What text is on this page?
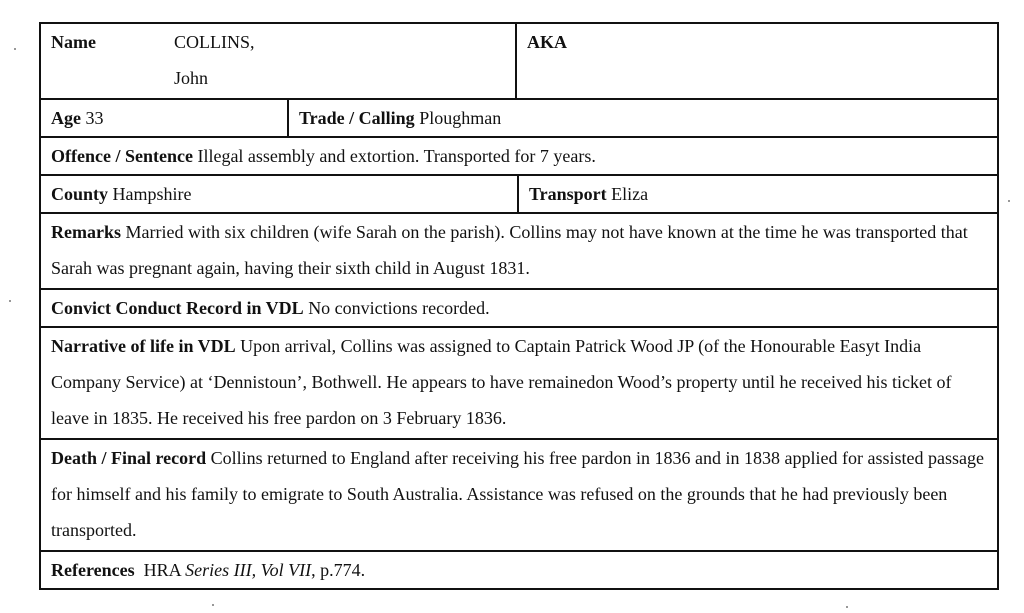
Name	COLLINS,
John
AKA
Age 33	Trade / Calling Ploughman
Offence / Sentence Illegal assembly and extortion. Transported for 7 years.
County Hampshire	Transport Eliza
Remarks Married with six children (wife Sarah on the parish). Collins may not have known at the time he was transported that Sarah was pregnant again, having their sixth child in August 1831.
Convict Conduct Record in VDL No convictions recorded.
Narrative of life in VDL Upon arrival, Collins was assigned to Captain Patrick Wood JP (of the Honourable Easyt India Company Service) at ‘Dennistoun’, Bothwell. He appears to have remainedon Wood’s property until he received his ticket of leave in 1835. He received his free pardon on 3 February 1836.
Death / Final record Collins returned to England after receiving his free pardon in 1836 and in 1838 applied for assisted passage for himself and his family to emigrate to South Australia. Assistance was refused on the grounds that he had previously been transported.
References HRA Series III, Vol VII, p.774.
